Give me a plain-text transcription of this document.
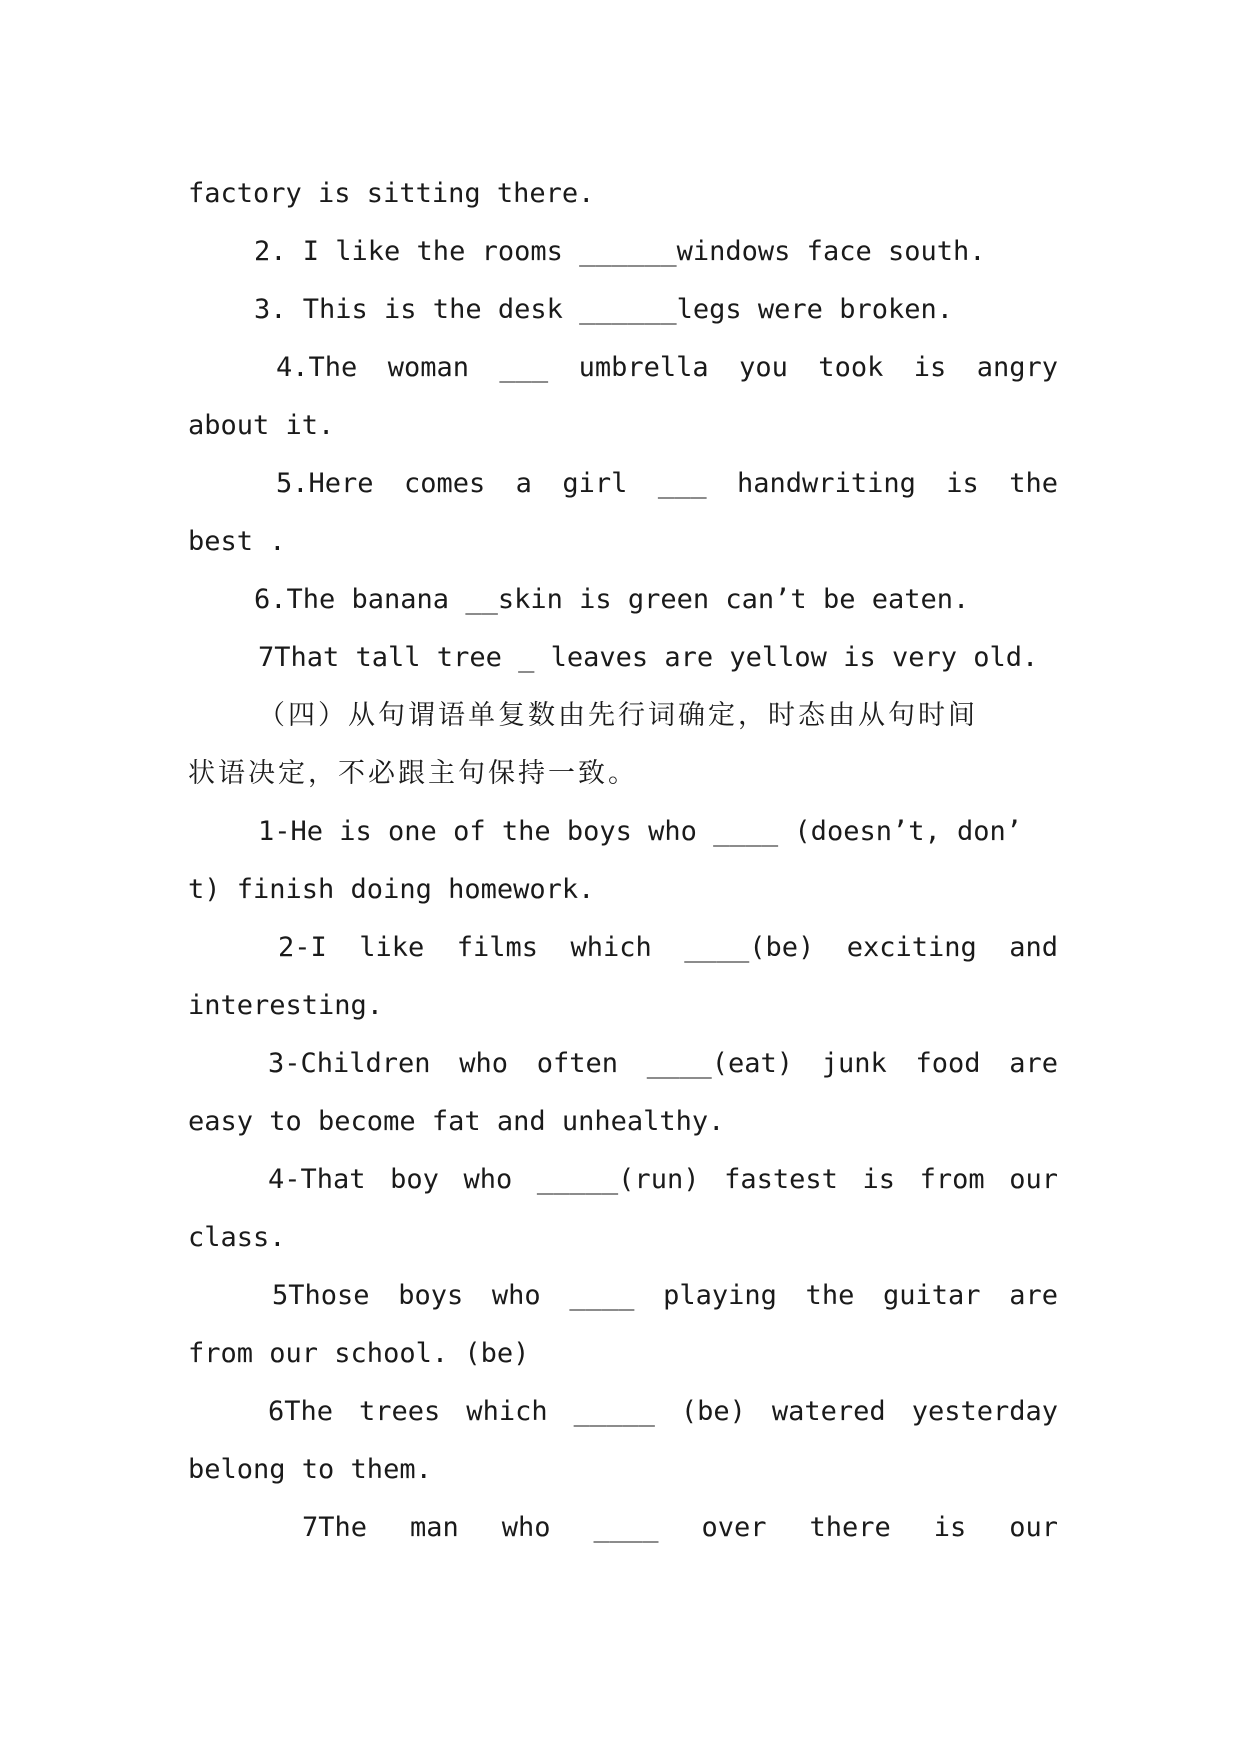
factory is sitting there.
2. I like the rooms ______windows face south.
3. This is the desk ______legs were broken.
4.The woman ___ umbrella you took is angry
about it.
5.Here comes a girl ___ handwriting is the
best .
6.The banana __skin is green can’t be eaten.
7That tall tree _ leaves are yellow is very old.
（四）从句谓语单复数由先行词确定，时态由从句时间
状语决定，不必跟主句保持一致。
1-He is one of the boys who ____ (doesn’t, don’
t) finish doing homework.
2-I like films which ____(be) exciting and
interesting.
3-Children who often ____(eat) junk food are
easy to become fat and unhealthy.
4-That boy who _____(run) fastest is from our
class.
5Those boys who ____ playing the guitar are
from our school. (be)
6The trees which _____ (be) watered yesterday
belong to them.
7The man who ____ over there is our
